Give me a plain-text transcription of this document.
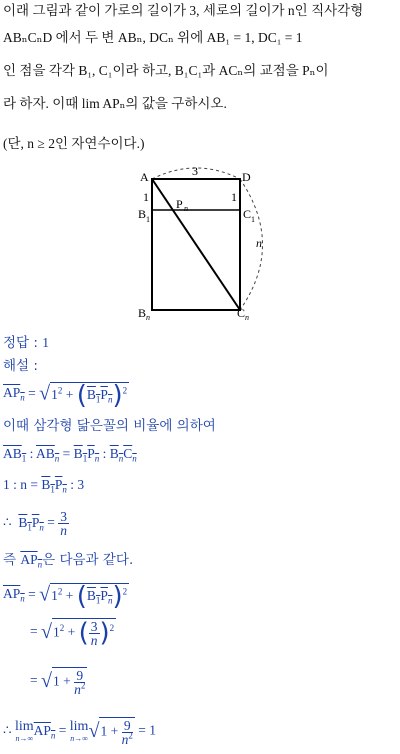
이래 그림과 같이 가로의 길이가 3, 세로의 길이가 n인 직사각형
ABₙCₙD 에서 두 변 ABₙ, DCₙ 위에 AB₁ = 1, DC₁ = 1
인 점을 각각 B₁, C₁이라 하고, B₁C₁과 ACₙ의 교점을 Pₙ이
라 하자. 이때 lim APₙ의 값을 구하시오.
(단, n ≥ 2인 자연수이다.)
A	D
3
1	1
B 1	C 1
P n
n
B n	C n
정답 : 1
해설 :
$AP_n = √1^2 + (B_1P_n)^2$
이때 삼각형 닮은꼴의 비율에 의하여
$AB_1$ : $AB_n = B_1P_n$ : $B_nC_n$
1 : $n = B_1P_n$ : 3
∴ $B_1P_n = \frac{3}{n}$
즉 $AP_n$은 다음과 같다.
$AP_n = √1^2 + (B_1P_n)^2$
= $√1^2$ + ( $\frac{3}{n} )^2$
= $√1 + \frac{9}{n^2}$
∴ lim
n→∞
$AP_n = \lim$
n→∞ $√1 + \frac{9}{n^2} = 1$
